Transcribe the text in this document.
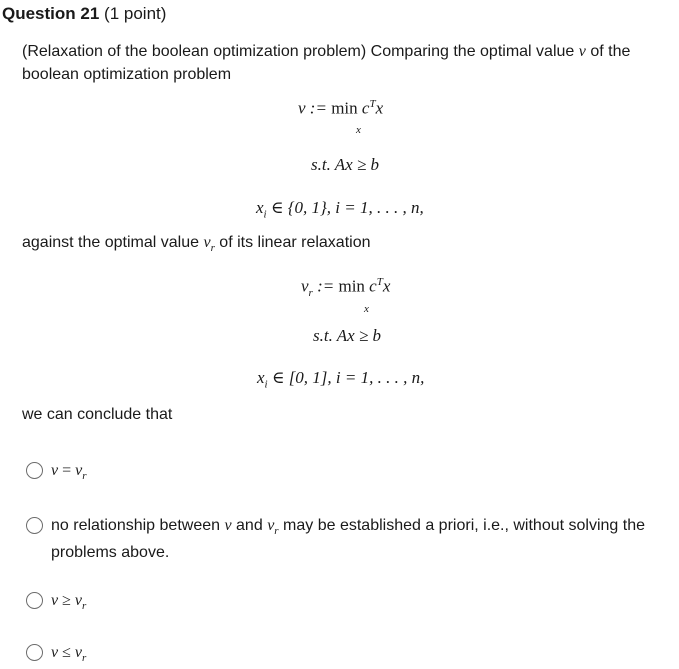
Question 21 (1 point)
(Relaxation of the boolean optimization problem) Comparing the optimal value v of the boolean optimization problem
v := $\min c^Tx$
x
s.t. Ax ≥ b
$x_i$ ∈ {0, 1}, i = 1, . . . , n,
against the optimal value $v_r$ of its linear relaxation
$v_r$ := $\min c^Tx$
x
s.t. Ax ≥ b
$x_i$ ∈ [0, 1], i = 1, . . . , n,
we can conclude that
$v = v_r$
no relationship between v and $v_r$ may be established a priori, i.e., without solving the problems above.
$v \ge v_r$
$v \le v_r$
